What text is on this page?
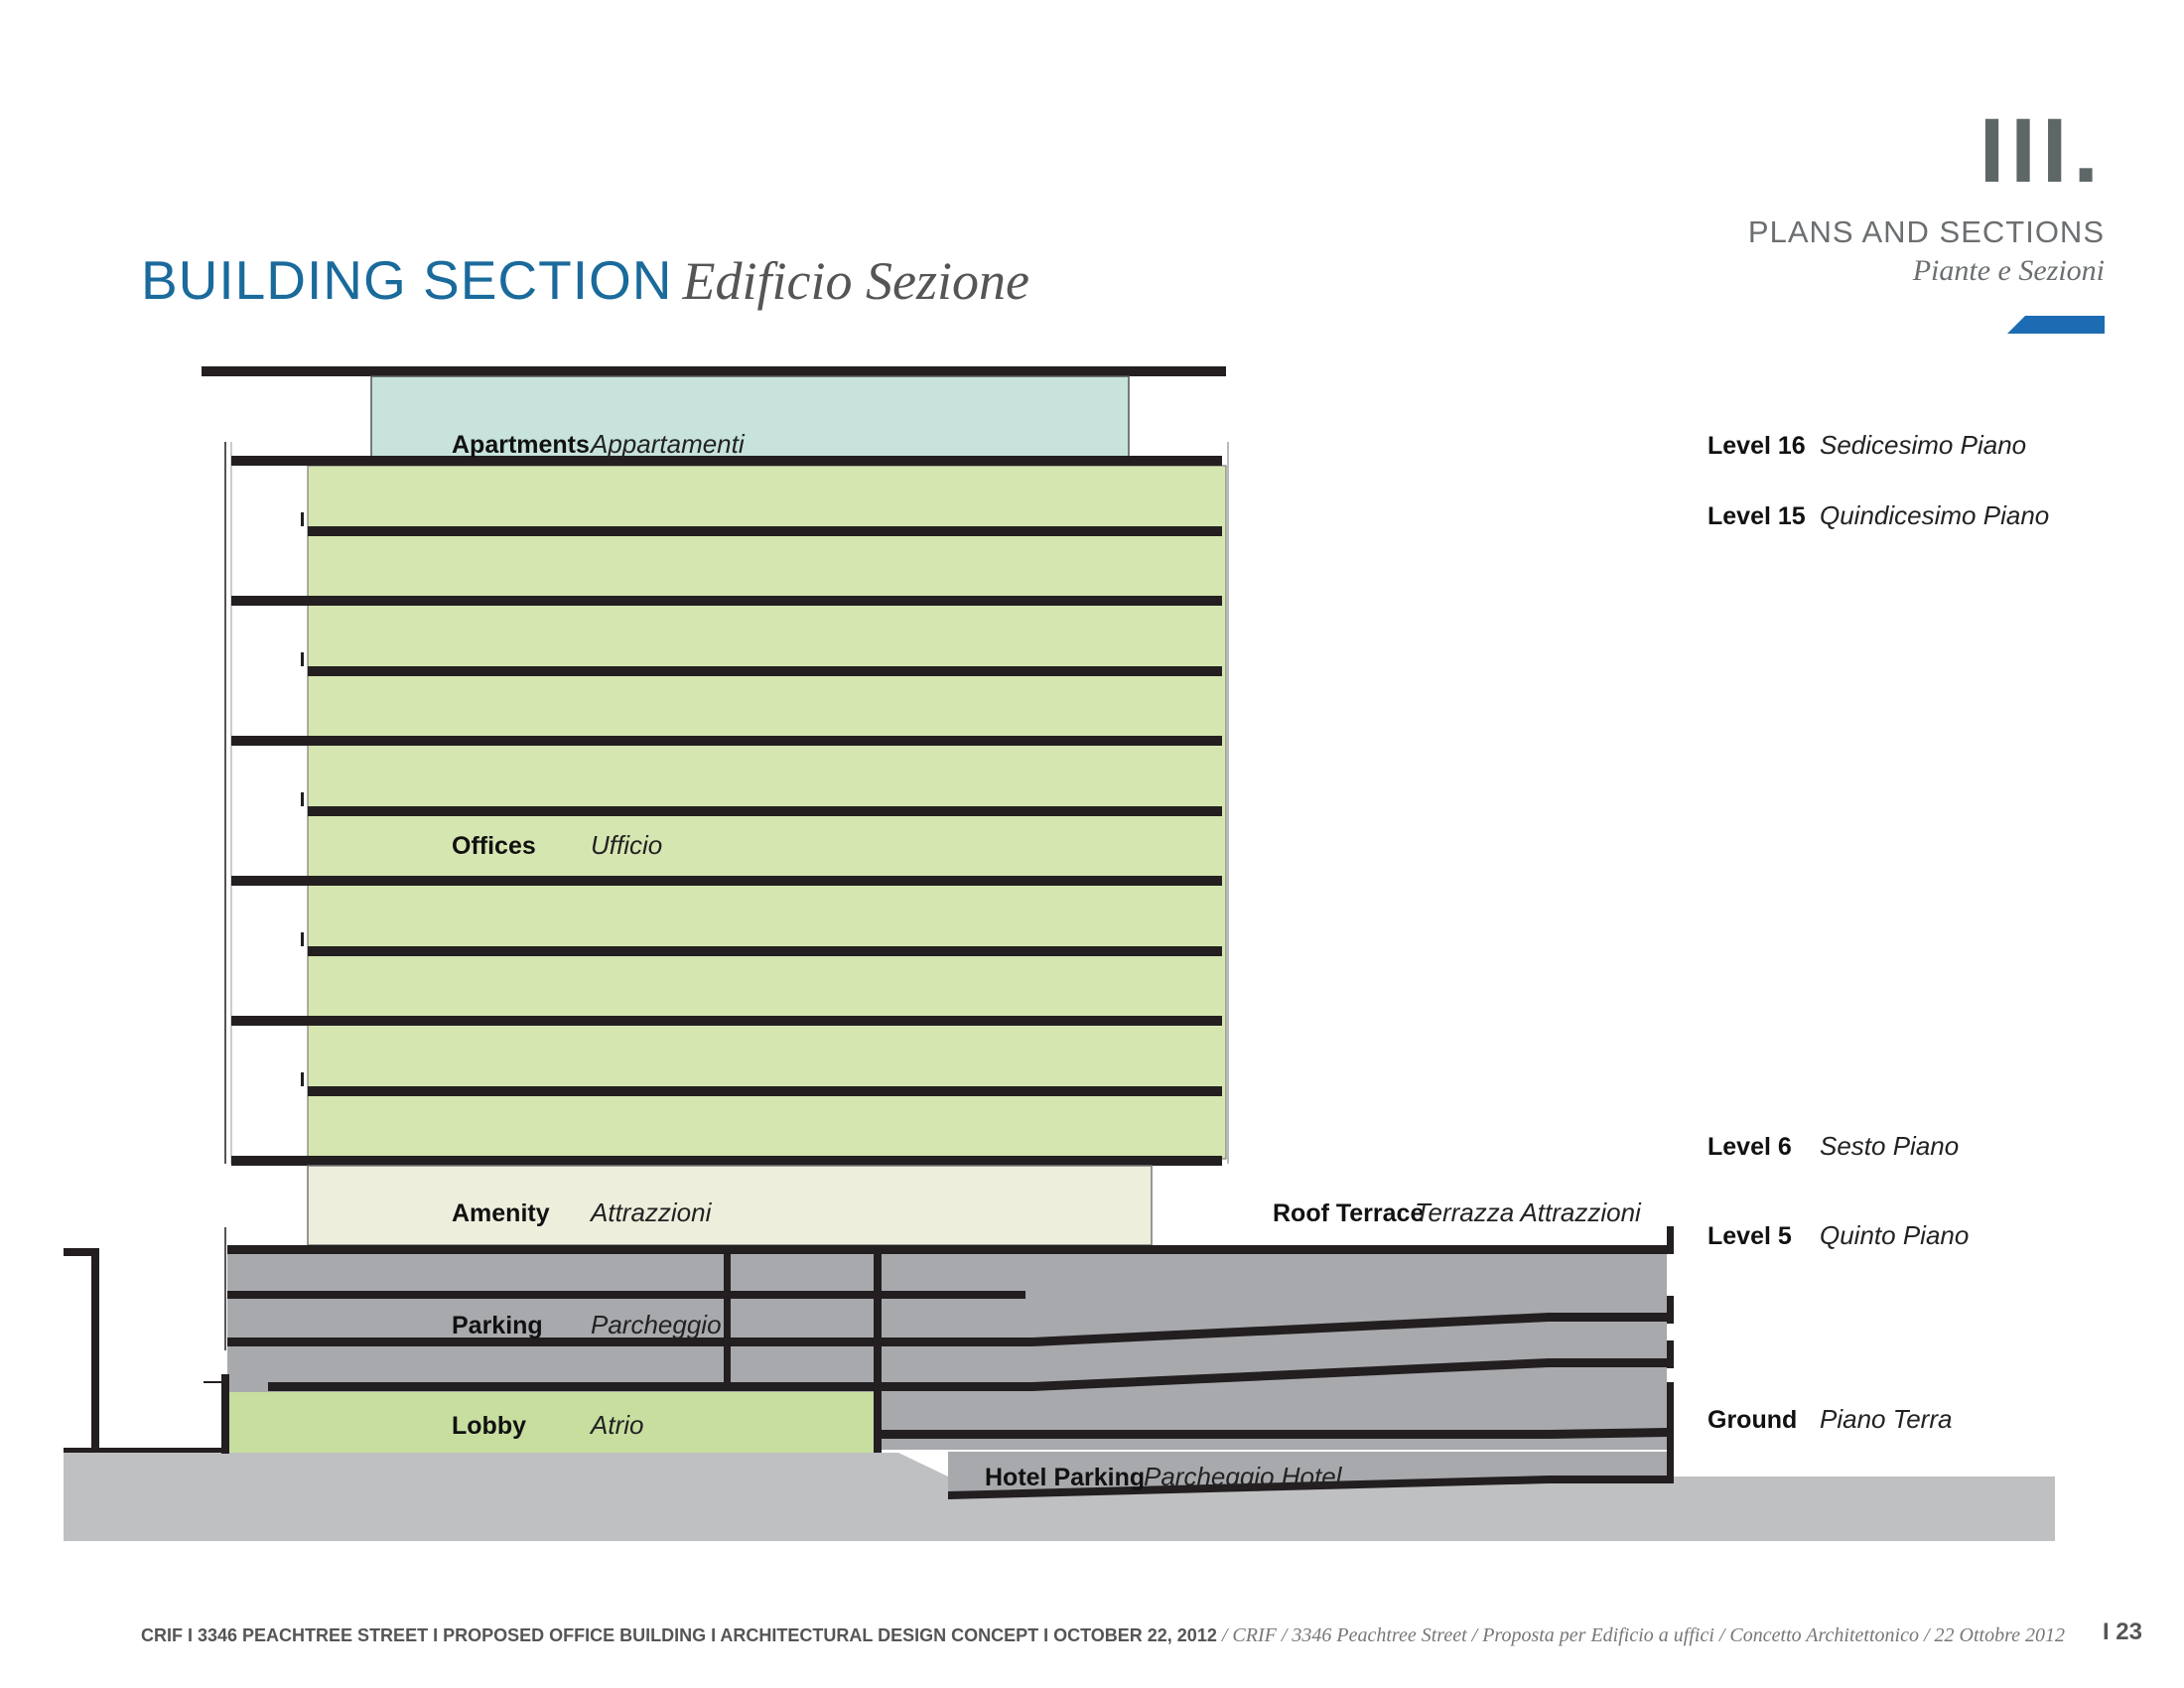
BUILDING SECTION Edificio Sezione
III.
PLANS AND SECTIONS
Piante e Sezioni
Apartments Appartamenti
Offices Ufficio
Amenity Attrazzioni	Roof Terrace
Terrazza Attrazzioni
Parking Parcheggio
Lobby	Atrio
Hotel Parking
Parcheggio Hotel
Level 16 Sedicesimo Piano
Level 15 Quindicesimo Piano
Level 6 Sesto Piano
Level 5 Quinto Piano
Ground Piano Terra
CRIF I 3346 PEACHTREE STREET I PROPOSED OFFICE BUILDING I ARCHITECTURAL DESIGN CONCEPT I OCTOBER 22, 2012 / CRIF / 3346 Peachtree Street / Proposta per Edificio a uffici / Concetto Architettonico / 22 Ottobre 2012 I 23
